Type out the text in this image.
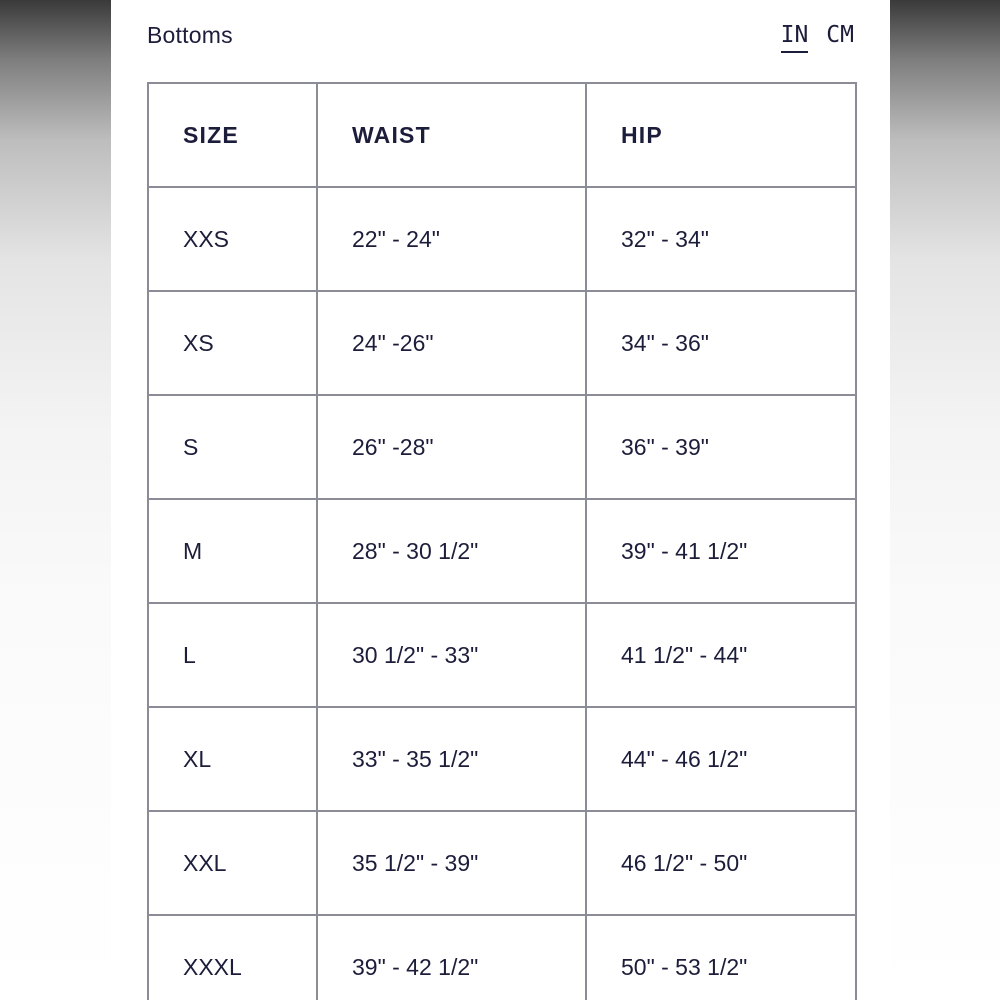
Bottoms	IN CM
SIZE	WAIST	HIP
XXS	22" - 24"	32" - 34"
XS	24" -26"	34" - 36"
S	26" -28"	36" - 39"
M	28" - 30 1/2"	39" - 41 1/2"
L	30 1/2" - 33"	41 1/2" - 44"
XL	33" - 35 1/2"	44" - 46 1/2"
XXL	35 1/2" - 39"	46 1/2" - 50"
XXXL	39" - 42 1/2"	50" - 53 1/2"
